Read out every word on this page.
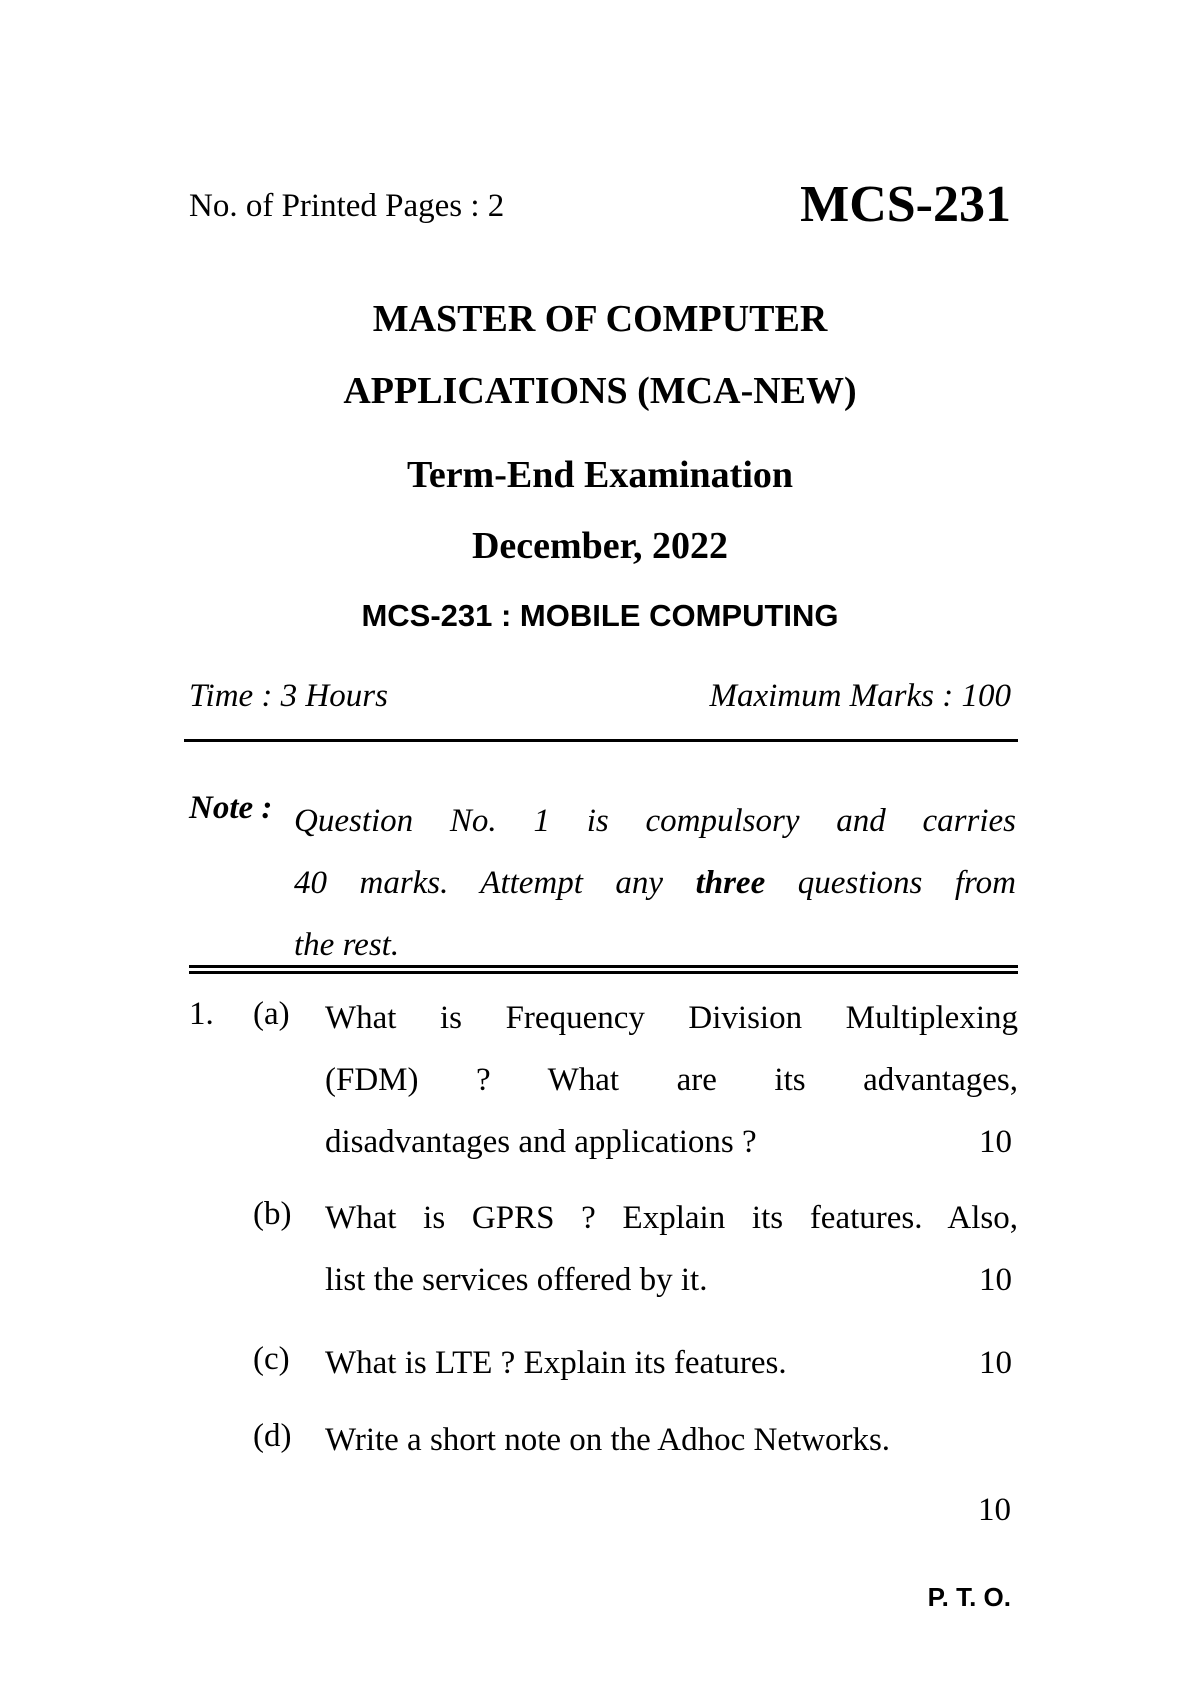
No. of Printed Pages : 2	MCS-231
MASTER OF COMPUTER
APPLICATIONS (MCA-NEW)
Term-End Examination
December, 2022
MCS-231 : MOBILE COMPUTING
Time : 3 Hours	Maximum Marks : 100
Note : Question No. 1 is compulsory and carries
40 marks. Attempt any three questions from
the rest.
1. (a) What is Frequency Division Multiplexing
(FDM) ? What are its advantages,
disadvantages and applications ?	10
(b) What is GPRS ? Explain its features. Also,
list the services offered by it.	10
(c) What is LTE ? Explain its features.	10
(d) Write a short note on the Adhoc Networks.
10
P. T. O.
